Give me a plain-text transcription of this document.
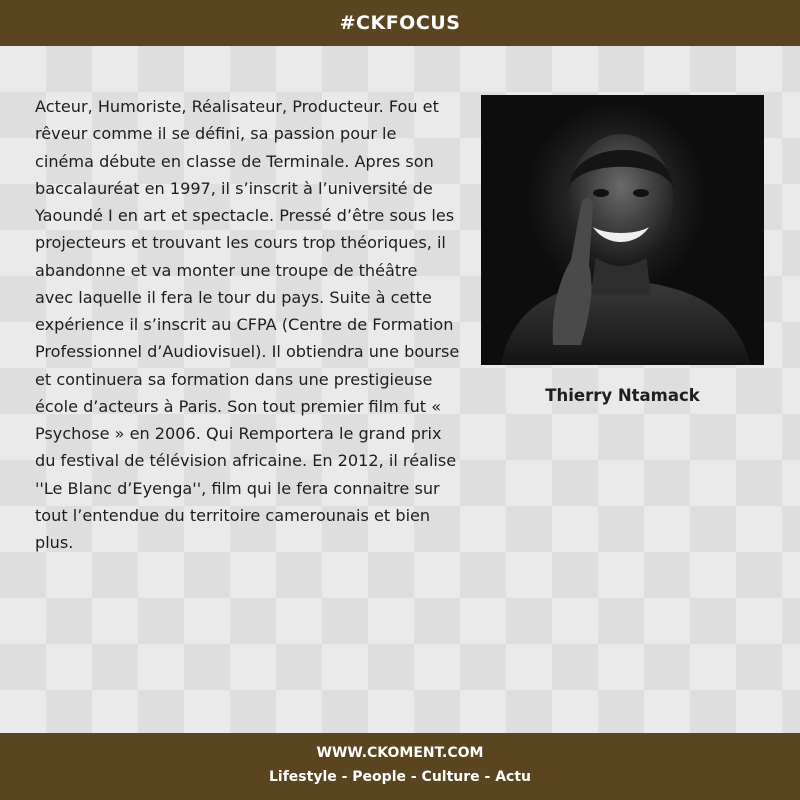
#CKFOCUS

Acteur, Humoriste, Réalisateur, Producteur. Fou et rêveur comme il se défini, sa passion pour le cinéma débute en classe de Terminale. Apres son baccalauréat en 1997, il s’inscrit à l’université de Yaoundé I en art et spectacle. Pressé d’être sous les projecteurs et trouvant les cours trop théoriques, il abandonne et va monter une troupe de théâtre avec laquelle il fera le tour du pays. Suite à cette expérience il s’inscrit au CFPA (Centre de Formation Professionnel d’Audiovisuel). Il obtiendra une bourse et continuera sa formation dans une prestigieuse école d’acteurs à Paris. Son tout premier film fut « Psychose » en 2006. Qui Remportera le grand prix du festival de télévision africaine. En 2012, il réalise ''Le Blanc d’Eyenga'', film qui le fera connaitre sur tout l’entendue du territoire camerounais et bien plus.

Thierry Ntamack
WWW.CKOMENT.COM
Lifestyle - People - Culture - Actu
